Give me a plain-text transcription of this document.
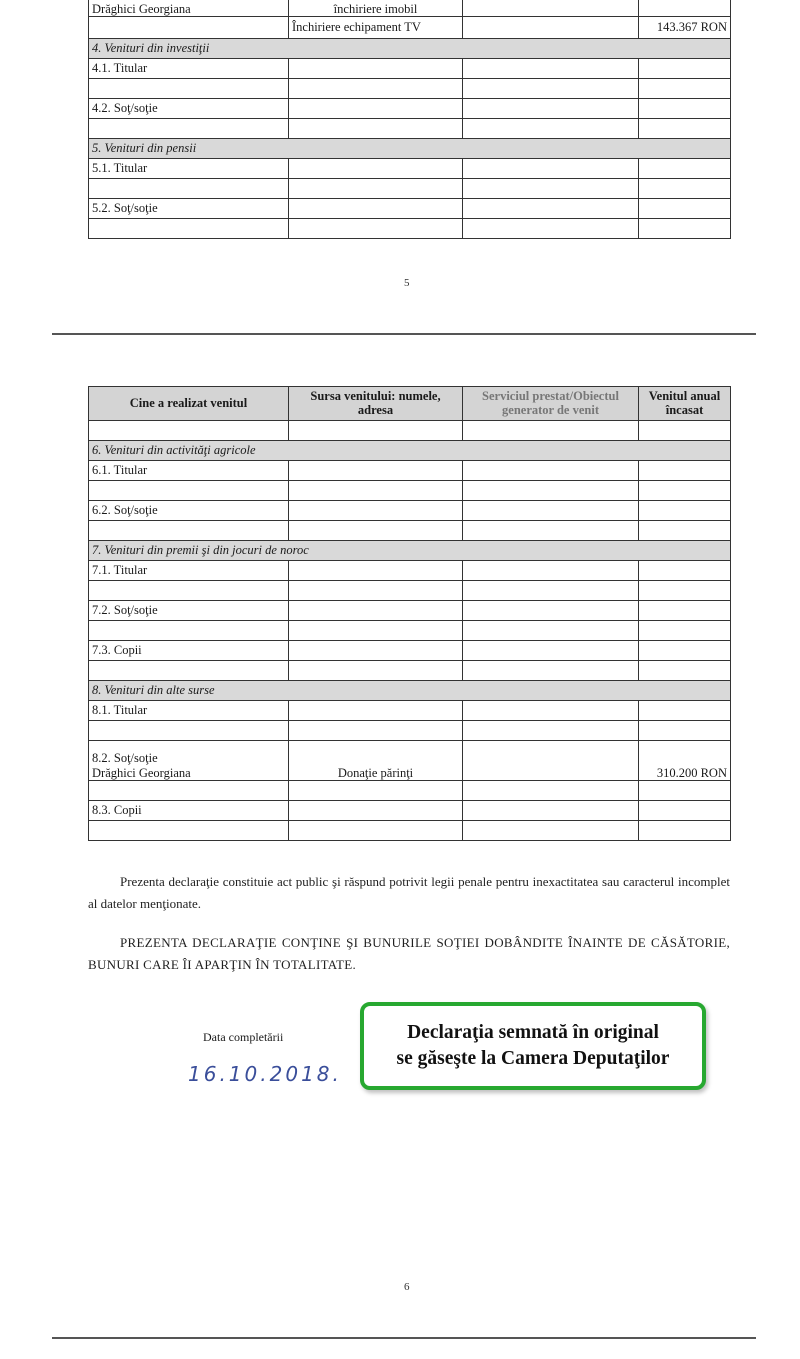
Drăghici Georgiana	închiriere imobil		
	Închiriere echipament TV		143.367 RON
4. Venituri din investiţii			
4.1. Titular			

4.2. Soţ/soţie			

5. Venituri din pensii			
5.1. Titular			

5.2. Soţ/soţie			

5
Cine a realizat venitul	Sursa venitului: numele, adresa	Serviciul prestat/Obiectul generator de venit	Venitul anual încasat

6. Venituri din activităţi agricole			
6.1. Titular			

6.2. Soţ/soţie			

7. Venituri din premii şi din jocuri de noroc			
7.1. Titular			

7.2. Soţ/soţie			

7.3. Copii			

8. Venituri din alte surse			
8.1. Titular			

8.2. Soţ/soţie
Drăghici Georgiana	Donaţie părinţi		310.200 RON

8.3. Copii			

Prezenta declaraţie constituie act public şi răspund potrivit legii penale pentru inexactitatea sau caracterul incomplet al datelor menţionate.
PREZENTA DECLARAŢIE CONŢINE ŞI BUNURILE SOŢIEI DOBÂNDITE ÎNAINTE DE CĂSĂTORIE, BUNURI CARE ÎI APARŢIN ÎN TOTALITATE.
Data completării
16.10.2018.
Declaraţia semnată în original
se găseşte la Camera Deputaţilor
6
